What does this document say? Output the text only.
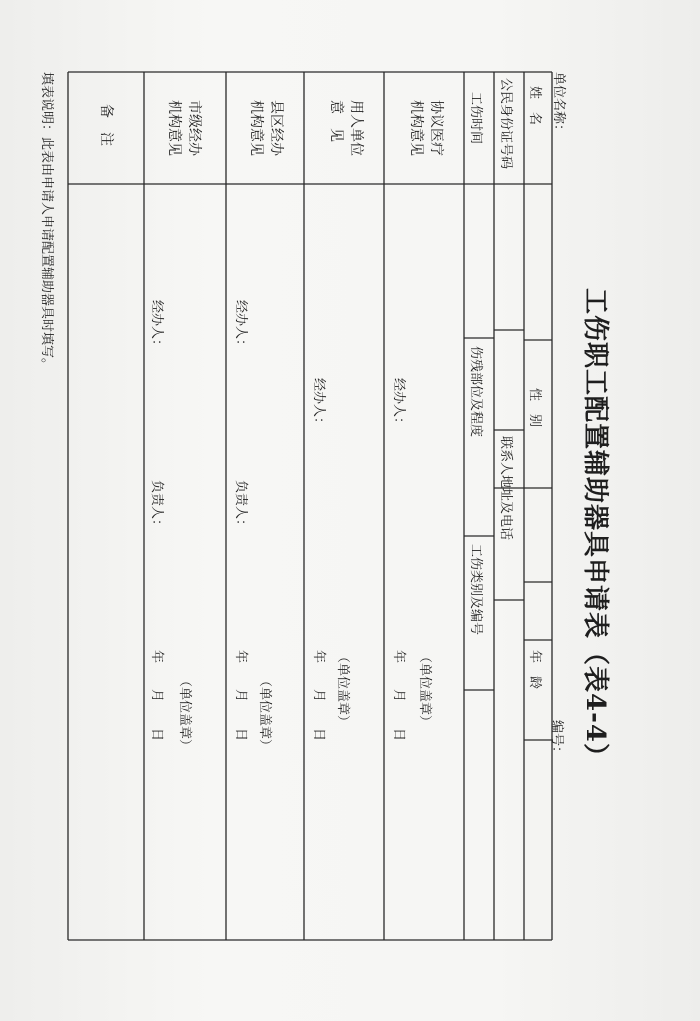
工伤职工配置辅助器具申请表（表4-4）
单位名称：
编号：
姓　名
性　别
年　龄
公民身份证号码
联系人地址及电话
工伤时间
伤残部位及程度
工伤类别及编号
协议医疗
机构意见
经办人：
（单位盖章）
年　　月　　日
用人单位
意　见
经办人：
（单位盖章）
年　　月　　日
县区经办
机构意见
经办人：
负责人：
（单位盖章）
年　　月　　日
市级经办
机构意见
经办人：
负责人：
（单位盖章）
年　　月　　日
备　注
填表说明：此表由申请人申请配置辅助器具时填写。
